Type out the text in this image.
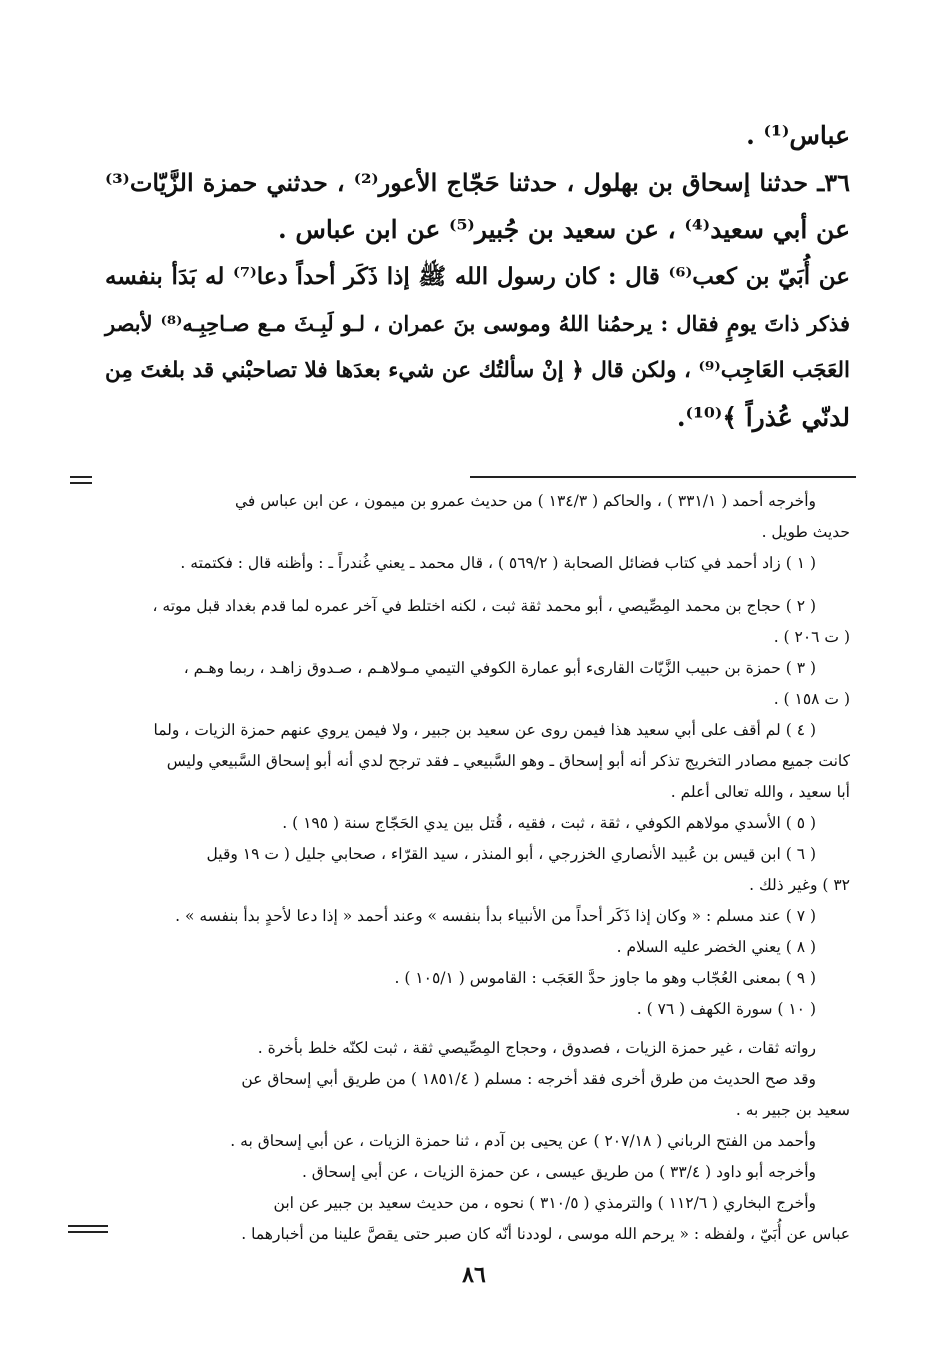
عباس⁽¹⁾ .
٣٦ـ حدثنا إسحاق بن بهلول ، حدثنا حَجّاج الأعور⁽²⁾ ، حدثني حمزة الزَّيّات⁽³⁾
عن أبي سعيد⁽⁴⁾ ، عن سعيد بن جُبير⁽⁵⁾ عن ابن عباس .
عن أُبَيّ بن كعب⁽⁶⁾ قال : كان رسول الله ﷺ إذا ذَكَر أحداً دعا⁽⁷⁾ له بَدَأ بنفسه
فذكر ذاتَ يومٍ فقال : يرحمُنا اللهُ وموسى بنَ عمران ، لـو لَبِـثَ مـع صـاحِبِـه⁽⁸⁾ لأبصر
العَجَب العَاجِب⁽⁹⁾ ، ولكن قال ﴿ إنْ سألتُك عن شيء بعدَها فلا تصاحبْني قد بلغتَ مِن
لدنّي عُذراً ﴾⁽¹⁰⁾.
وأخرجه أحمد ( ٣٣١/١ ) ، والحاكم ( ١٣٤/٣ ) من حديث عمرو بن ميمون ، عن ابن عباس في
حديث طويل .
( ١ ) زاد أحمد في كتاب فضائل الصحابة ( ٥٦٩/٢ ) ، قال محمد ـ يعني غُندراً ـ : وأظنه قال : فكتمته .
( ٢ ) حجاج بن محمد المِصِّيصي ، أبو محمد ثقة ثبت ، لكنه اختلط في آخر عمره لما قدم بغداد قبل موته ،
( ت ٢٠٦ ) .
( ٣ ) حمزة بن حبيب الزَّيّات القارىء أبو عمارة الكوفي التيمي مـولاهـم ، صـدوق زاهـد ، ربما وهـم ،
( ت ١٥٨ ) .
( ٤ ) لم أقف على أبي سعيد هذا فيمن روى عن سعيد بن جبير ، ولا فيمن يروي عنهم حمزة الزيات ، ولما
كانت جميع مصادر التخريج تذكر أنه أبو إسحاق ـ وهو السَّبيعي ـ فقد ترجح لدي أنه أبو إسحاق السَّبيعي وليس
أبا سعيد ، والله تعالى أعلم .
( ٥ ) الأسدي مولاهم الكوفي ، ثقة ، ثبت ، فقيه ، قُتل بين يدي الحَجّاج سنة ( ١٩٥ ) .
( ٦ ) ابن قيس بن عُبيد الأنصاري الخزرجي ، أبو المنذر ، سيد القرّاء ، صحابي جليل ( ت ١٩ وقيل
٣٢ ) وغير ذلك .
( ٧ ) عند مسلم : « وكان إذا ذَكَر أحداً من الأنبياء بدأ بنفسه » وعند أحمد « إذا دعا لأحدٍ بدأ بنفسه » .
( ٨ ) يعني الخضر عليه السلام .
( ٩ ) بمعنى العُجّاب وهو ما جاوز حدَّ العَجَب : القاموس ( ١٠٥/١ ) .
( ١٠ ) سورة الكهف ( ٧٦ ) .
رواته ثقات ، غير حمزة الزيات ، فصدوق ، وحجاج المِصِّيصي ثقة ، ثبت لكنّه خلط بأخرة .
وقد صح الحديث من طرق أخرى فقد أخرجه : مسلم ( ١٨٥١/٤ ) من طريق أبي إسحاق عن
سعيد بن جبير به .
وأحمد من الفتح الرباني ( ٢٠٧/١٨ ) عن يحيى بن آدم ، ثنا حمزة الزيات ، عن أبي إسحاق به .
وأخرجه أبو داود ( ٣٣/٤ ) من طريق عيسى ، عن حمزة الزيات ، عن أبي إسحاق .
وأخرج البخاري ( ١١٢/٦ ) والترمذي ( ٣١٠/٥ ) نحوه ، من حديث سعيد بن جبير عن ابن
عباس عن أُبَيّ ، ولفظه : « يرحم الله موسى ، لوددنا أنّه كان صبر حتى يقصَّ علينا من أخبارهما .
٨٦
